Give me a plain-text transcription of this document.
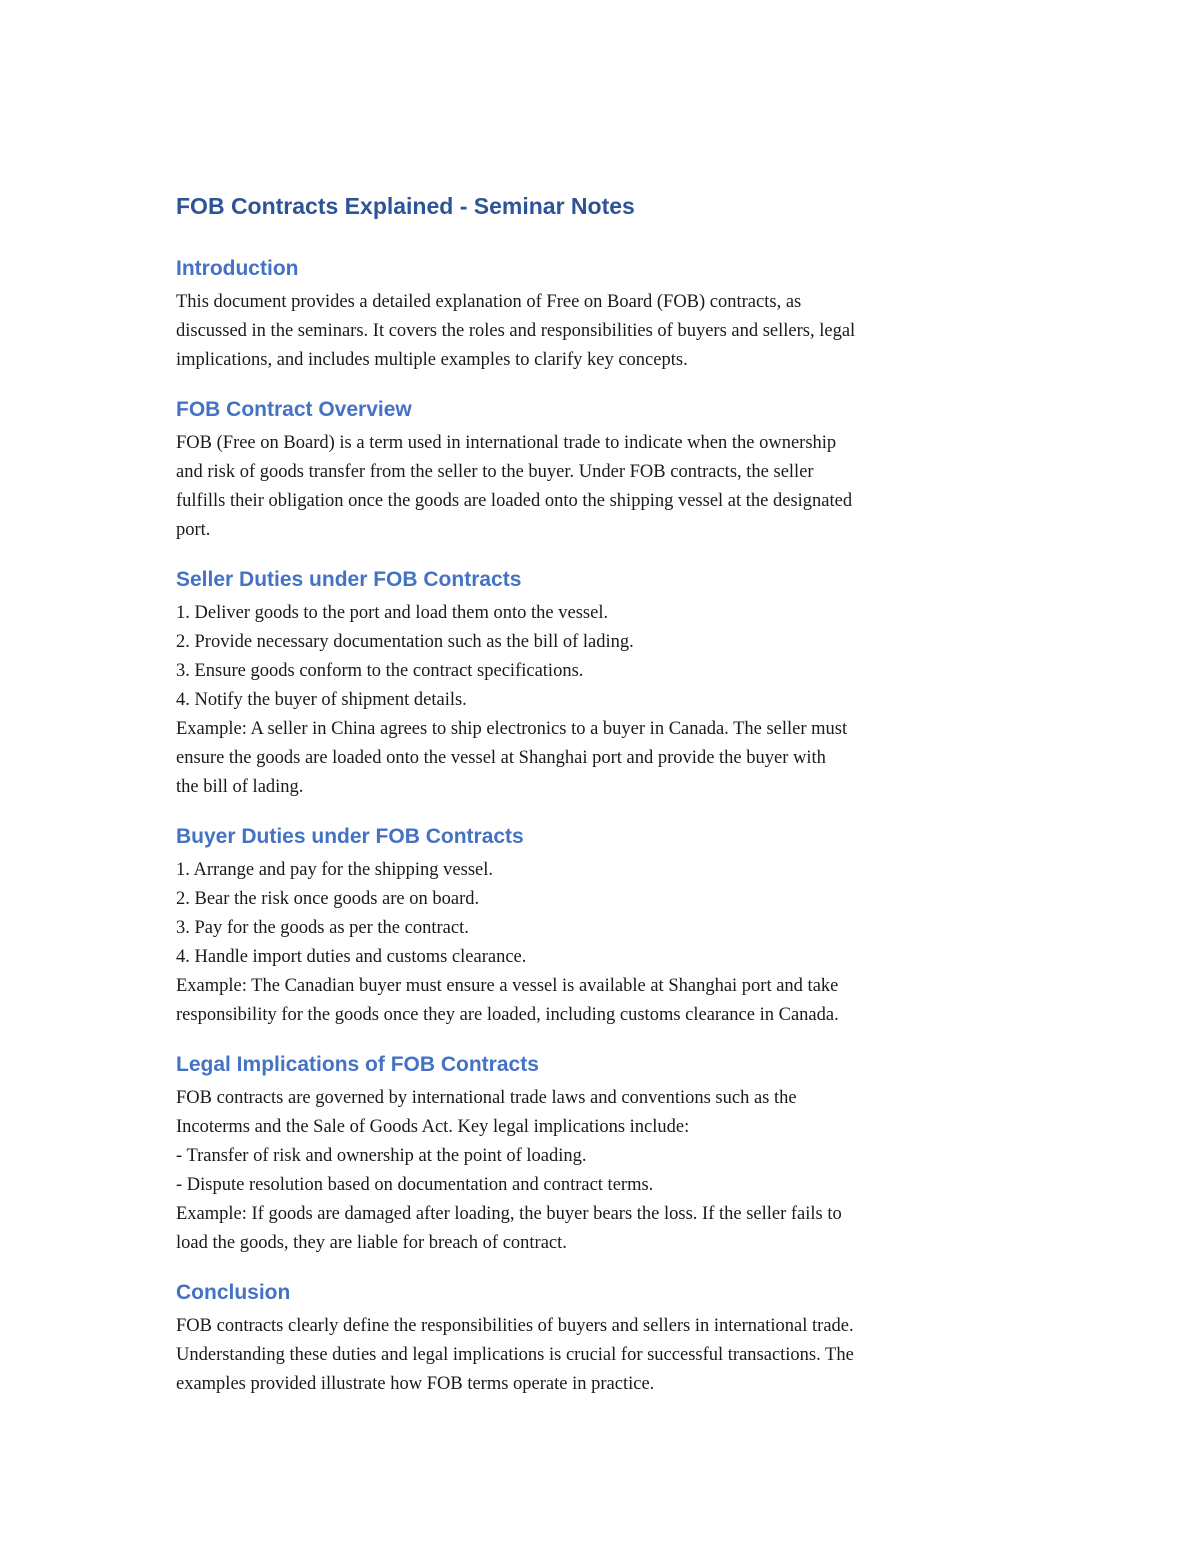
FOB Contracts Explained - Seminar Notes
Introduction

This document provides a detailed explanation of Free on Board (FOB) contracts, as

discussed in the seminars. It covers the roles and responsibilities of buyers and sellers, legal

implications, and includes multiple examples to clarify key concepts.

FOB Contract Overview

FOB (Free on Board) is a term used in international trade to indicate when the ownership

and risk of goods transfer from the seller to the buyer. Under FOB contracts, the seller

fulfills their obligation once the goods are loaded onto the shipping vessel at the designated

port.

Seller Duties under FOB Contracts

1. Deliver goods to the port and load them onto the vessel.

2. Provide necessary documentation such as the bill of lading.

3. Ensure goods conform to the contract specifications.

4. Notify the buyer of shipment details.

Example: A seller in China agrees to ship electronics to a buyer in Canada. The seller must

ensure the goods are loaded onto the vessel at Shanghai port and provide the buyer with

the bill of lading.

Buyer Duties under FOB Contracts

1. Arrange and pay for the shipping vessel.

2. Bear the risk once goods are on board.

3. Pay for the goods as per the contract.

4. Handle import duties and customs clearance.

Example: The Canadian buyer must ensure a vessel is available at Shanghai port and take

responsibility for the goods once they are loaded, including customs clearance in Canada.

Legal Implications of FOB Contracts

FOB contracts are governed by international trade laws and conventions such as the

Incoterms and the Sale of Goods Act. Key legal implications include:

- Transfer of risk and ownership at the point of loading.

- Dispute resolution based on documentation and contract terms.

Example: If goods are damaged after loading, the buyer bears the loss. If the seller fails to

load the goods, they are liable for breach of contract.

Conclusion

FOB contracts clearly define the responsibilities of buyers and sellers in international trade.

Understanding these duties and legal implications is crucial for successful transactions. The

examples provided illustrate how FOB terms operate in practice.
